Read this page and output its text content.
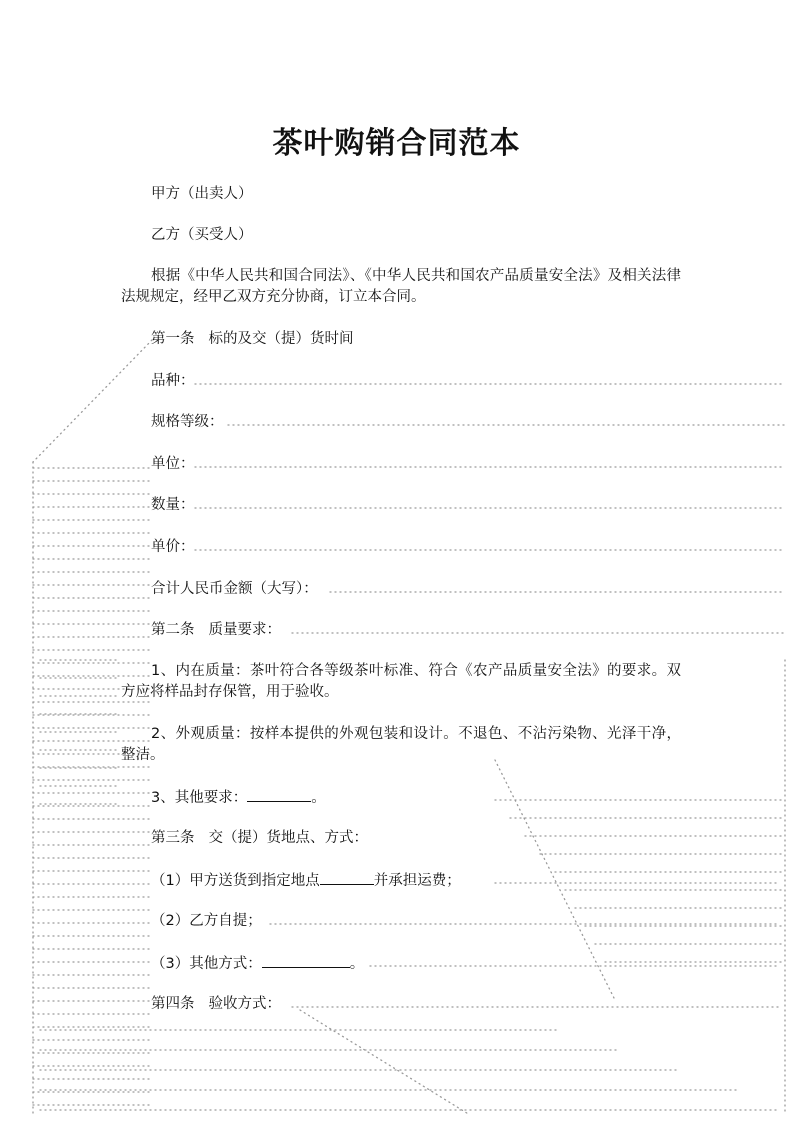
茶叶购销合同范本

甲方（出卖人）

乙方（买受人）

根据《中华人民共和国合同法》、《中华人民共和国农产品质量安全法》及相关法律法规规定，经甲乙双方充分协商，订立本合同。

第一条 标的及交（提）货时间

品种：

规格等级：

单位：

数量：

单价：

合计人民币金额（大写）：

第二条 质量要求：

1、内在质量：茶叶符合各等级茶叶标准、符合《农产品质量安全法》的要求。双方应将样品封存保管，用于验收。

2、外观质量：按样本提供的外观包装和设计。不退色、不沾污染物、光泽干净，整洁。

3、其他要求：	。

第三条 交（提）货地点、方式：

（1）甲方送货到指定地点	并承担运费；

（2）乙方自提；

（3）其他方式：	。

第四条 验收方式：
